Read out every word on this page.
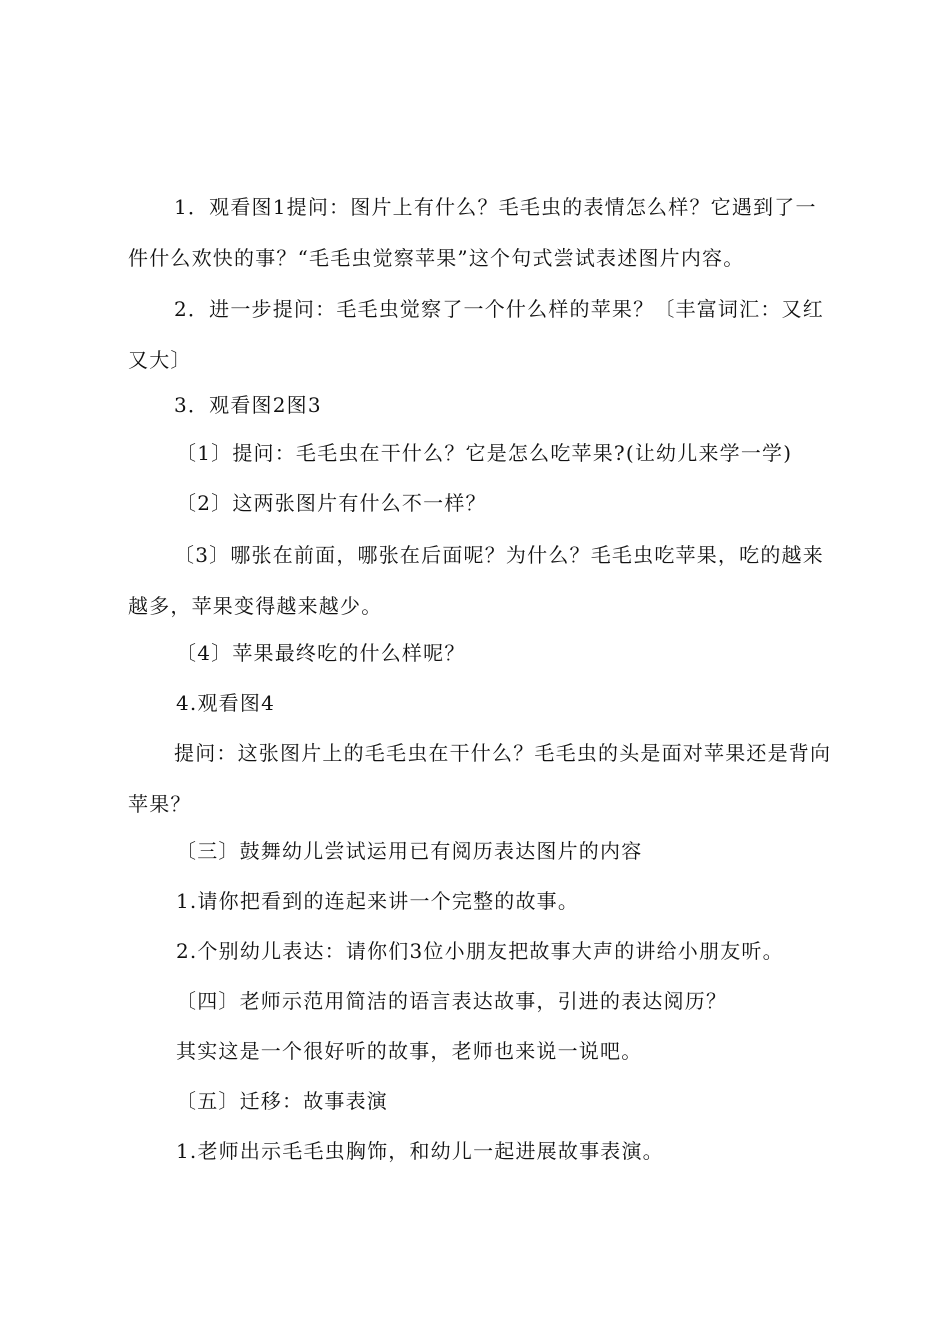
1．观看图1提问：图片上有什么？毛毛虫的表情怎么样？它遇到了一件什么欢快的事？“毛毛虫觉察苹果”这个句式尝试表述图片内容。

2．进一步提问：毛毛虫觉察了一个什么样的苹果？〔丰富词汇：又红又大〕

3．观看图2图3

〔1〕提问：毛毛虫在干什么？它是怎么吃苹果?(让幼儿来学一学)

〔2〕这两张图片有什么不一样？

〔3〕哪张在前面，哪张在后面呢？为什么？毛毛虫吃苹果，吃的越来越多，苹果变得越来越少。

〔4〕苹果最终吃的什么样呢？

4.观看图4

提问：这张图片上的毛毛虫在干什么？毛毛虫的头是面对苹果还是背向苹果？

〔三〕鼓舞幼儿尝试运用已有阅历表达图片的内容

1.请你把看到的连起来讲一个完整的故事。

2.个别幼儿表达：请你们3位小朋友把故事大声的讲给小朋友听。

〔四〕老师示范用简洁的语言表达故事，引进的表达阅历？

其实这是一个很好听的故事，老师也来说一说吧。

〔五〕迁移：故事表演

1.老师出示毛毛虫胸饰，和幼儿一起进展故事表演。
